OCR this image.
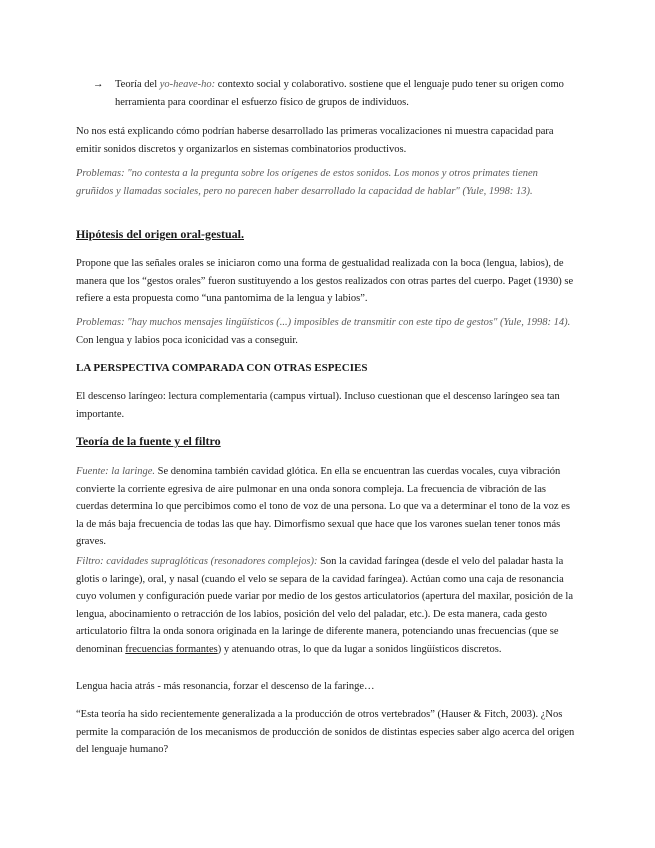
→	Teoría del yo-heave-ho: contexto social y colaborativo. sostiene que el lenguaje pudo tener su origen como herramienta para coordinar el esfuerzo físico de grupos de individuos.

No nos está explicando cómo podrían haberse desarrollado las primeras vocalizaciones ni muestra capacidad para emitir sonidos discretos y organizarlos en sistemas combinatorios productivos.

Problemas: "no contesta a la pregunta sobre los orígenes de estos sonidos. Los monos y otros primates tienen gruñidos y llamadas sociales, pero no parecen haber desarrollado la capacidad de hablar" (Yule, 1998: 13).

Hipótesis del origen oral-gestual.

Propone que las señales orales se iniciaron como una forma de gestualidad realizada con la boca (lengua, labios), de manera que los “gestos orales” fueron sustituyendo a los gestos realizados con otras partes del cuerpo. Paget (1930) se refiere a esta propuesta como “una pantomima de la lengua y labios”.

Problemas: "hay muchos mensajes lingüísticos (...) imposibles de transmitir con este tipo de gestos" (Yule, 1998: 14). Con lengua y labios poca iconicidad vas a conseguir.

LA PERSPECTIVA COMPARADA CON OTRAS ESPECIES

El descenso laríngeo: lectura complementaria (campus virtual). Incluso cuestionan que el descenso laríngeo sea tan importante.

Teoría de la fuente y el filtro

Fuente: la laringe. Se denomina también cavidad glótica. En ella se encuentran las cuerdas vocales, cuya vibración convierte la corriente egresiva de aire pulmonar en una onda sonora compleja. La frecuencia de vibración de las cuerdas determina lo que percibimos como el tono de voz de una persona. Lo que va a determinar el tono de la voz es la de más baja frecuencia de todas las que hay. Dimorfismo sexual que hace que los varones suelan tener tonos más graves.

Filtro: cavidades supraglóticas (resonadores complejos): Son la cavidad faríngea (desde el velo del paladar hasta la glotis o laringe), oral, y nasal (cuando el velo se separa de la cavidad faríngea). Actúan como una caja de resonancia cuyo volumen y configuración puede variar por medio de los gestos articulatorios (apertura del maxilar, posición de la lengua, abocinamiento o retracción de los labios, posición del velo del paladar, etc.). De esta manera, cada gesto articulatorio filtra la onda sonora originada en la laringe de diferente manera, potenciando unas frecuencias (que se denominan frecuencias formantes) y atenuando otras, lo que da lugar a sonidos lingüísticos discretos.

Lengua hacia atrás - más resonancia, forzar el descenso de la faringe…

“Esta teoría ha sido recientemente generalizada a la producción de otros vertebrados” (Hauser & Fitch, 2003). ¿Nos permite la comparación de los mecanismos de producción de sonidos de distintas especies saber algo acerca del origen del lenguaje humano?
